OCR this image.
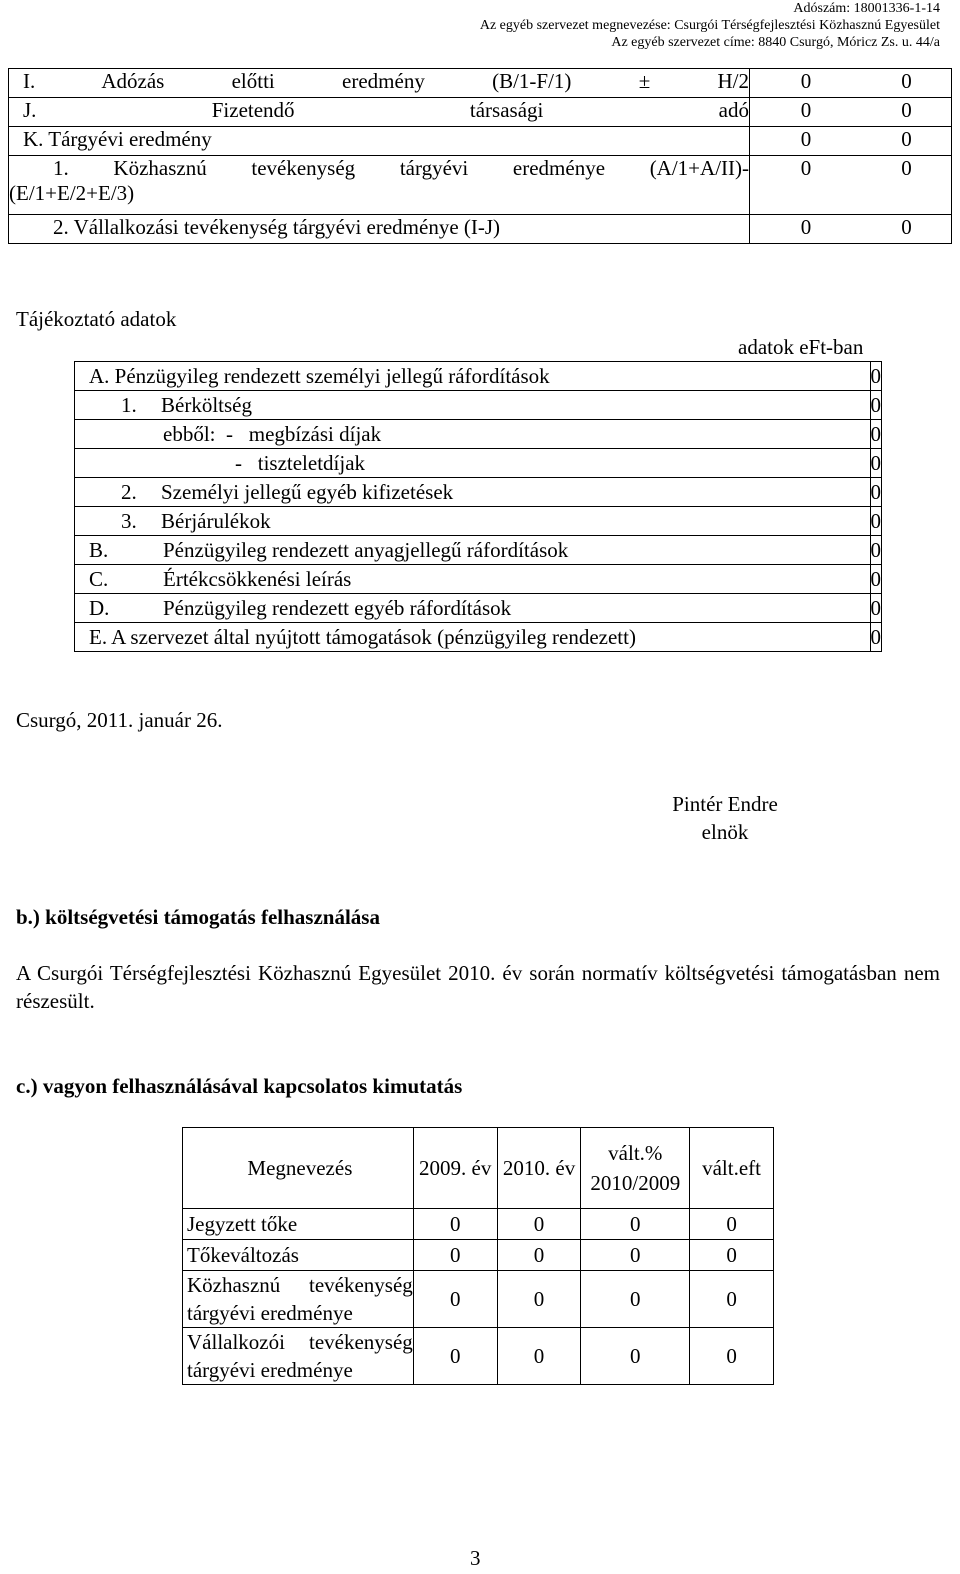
Adószám: 18001336-1-14
Az egyéb szervezet megnevezése: Csurgói Térségfejlesztési Közhasznú Egyesület
Az egyéb szervezet címe: 8840 Csurgó, Móricz Zs. u. 44/a
I. Adózás előtti eredmény (B/1-F/1) ± H/2	0	0
J. Fizetendő társasági adó	0	0
K. Tárgyévi eredmény	0	0

1. Közhasznú tevékenység tárgyévi eredménye (A/1+A/II)-
(E/1+E/2+E/3)	0	0
2. Vállalkozási tevékenység tárgyévi eredménye (I-J)	0	0
Tájékoztató adatok
adatok eFt-ban
A. Pénzügyileg rendezett személyi jellegű ráfordítások	0
1. Bérköltség	0
ebből:  -   megbízási díjak	0
-   tiszteletdíjak	0
2. Személyi jellegű egyéb kifizetések	0
3. Bérjárulékok	0
B. Pénzügyileg rendezett anyagjellegű ráfordítások	0
C. Értékcsökkenési leírás	0
D. Pénzügyileg rendezett egyéb ráfordítások	0
E. A szervezet által nyújtott támogatások (pénzügyileg rendezett)	0
Csurgó, 2011. január 26.
Pintér Endre
elnök
b.) költségvetési támogatás felhasználása
A Csurgói Térségfejlesztési Közhasznú Egyesület 2010. év során normatív költségvetési támogatásban nem részesült.
c.) vagyon felhasználásával kapcsolatos kimutatás
Megnevezés	2009. év	2010. év	vált.% 2010/2009	vált.eft
Jegyzett tőke	0	0	0	0
Tőkeváltozás	0	0	0	0
Közhasznú tevékenység tárgyévi eredménye	0	0	0	0
Vállalkozói tevékenység tárgyévi eredménye	0	0	0	0
3
